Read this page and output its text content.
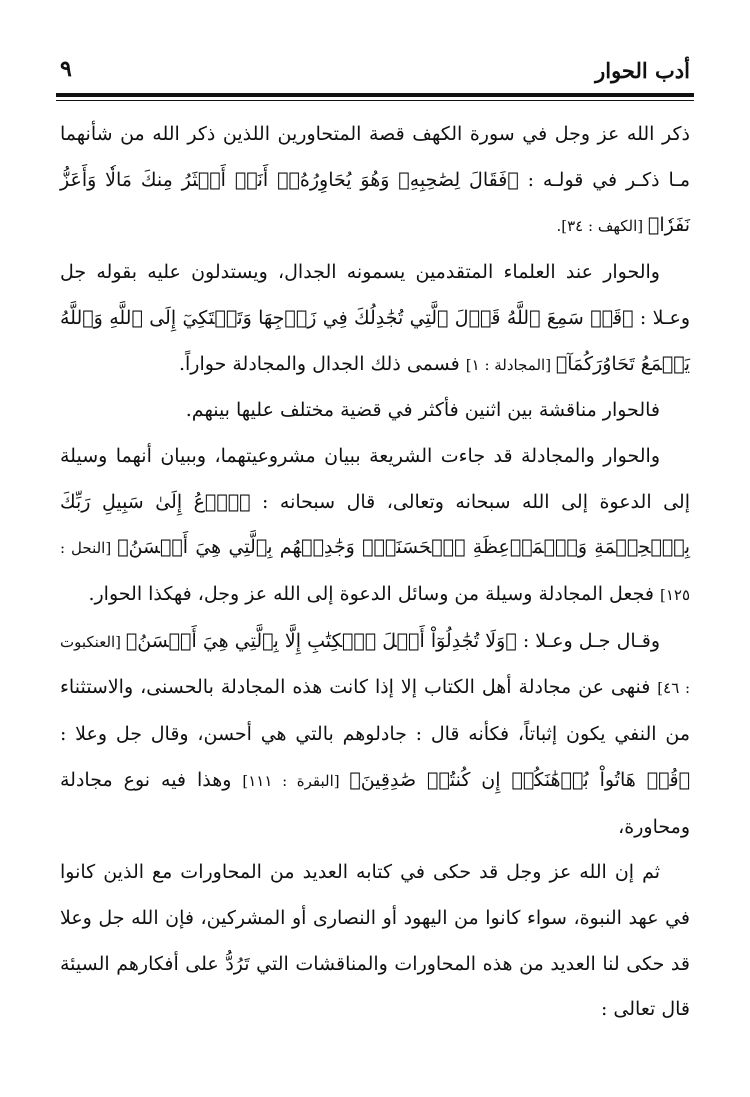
أدب الحوار
٩

ذكر الله عز وجل في سورة الكهف قصة المتحاورين اللذين ذكر الله من شأنهما مـا ذكـر في قولـه : ﴿فَقَالَ لِصَٰحِبِهِۦ وَهُوَ يُحَاوِرُهُۥٓ أَنَا۠ أَكۡثَرُ مِنكَ مَالٗا وَأَعَزُّ نَفَرٗا﴾ [الكهف : ٣٤].

والحوار عند العلماء المتقدمين يسمونه الجدال، ويستدلون عليه بقوله جل وعـلا : ﴿قَدۡ سَمِعَ ٱللَّهُ قَوۡلَ ٱلَّتِي تُجَٰدِلُكَ فِي زَوۡجِهَا وَتَشۡتَكِيٓ إِلَى ٱللَّهِ وَٱللَّهُ يَسۡمَعُ تَحَاوُرَكُمَآ﴾ [المجادلة : ١] فسمى ذلك الجدال والمجادلة حواراً.

فالحوار مناقشة بين اثنين فأكثر في قضية مختلف عليها بينهم.

والحوار والمجادلة قد جاءت الشريعة ببيان مشروعيتهما، وببيان أنهما وسيلة إلى الدعوة إلى الله سبحانه وتعالى، قال سبحانه : ﴿ٱدۡعُ إِلَىٰ سَبِيلِ رَبِّكَ بِٱلۡحِكۡمَةِ وَٱلۡمَوۡعِظَةِ ٱلۡحَسَنَةِۖ وَجَٰدِلۡهُم بِٱلَّتِي هِيَ أَحۡسَنُ﴾ [النحل : ١٢٥] فجعل المجادلة وسيلة من وسائل الدعوة إلى الله عز وجل، فهكذا الحوار.

وقـال جـل وعـلا : ﴿وَلَا تُجَٰدِلُوٓاْ أَهۡلَ ٱلۡكِتَٰبِ إِلَّا بِٱلَّتِي هِيَ أَحۡسَنُ﴾ [العنكبوت : ٤٦] فنهى عن مجادلة أهل الكتاب إلا إذا كانت هذه المجادلة بالحسنى، والاستثناء من النفي يكون إثباتاً، فكأنه قال : جادلوهم بالتي هي أحسن، وقال جل وعلا : ﴿قُلۡ هَاتُواْ بُرۡهَٰنَكُمۡ إِن كُنتُمۡ صَٰدِقِينَ﴾ [البقرة : ١١١] وهذا فيه نوع مجادلة ومحاورة،

ثم إن الله عز وجل قد حكى في كتابه العديد من المحاورات مع الذين كانوا في عهد النبوة، سواء كانوا من اليهود أو النصارى أو المشركين، فإن الله جل وعلا قد حكى لنا العديد من هذه المحاورات والمناقشات التي تَرُدُّ على أفكارهم السيئة قال تعالى :
